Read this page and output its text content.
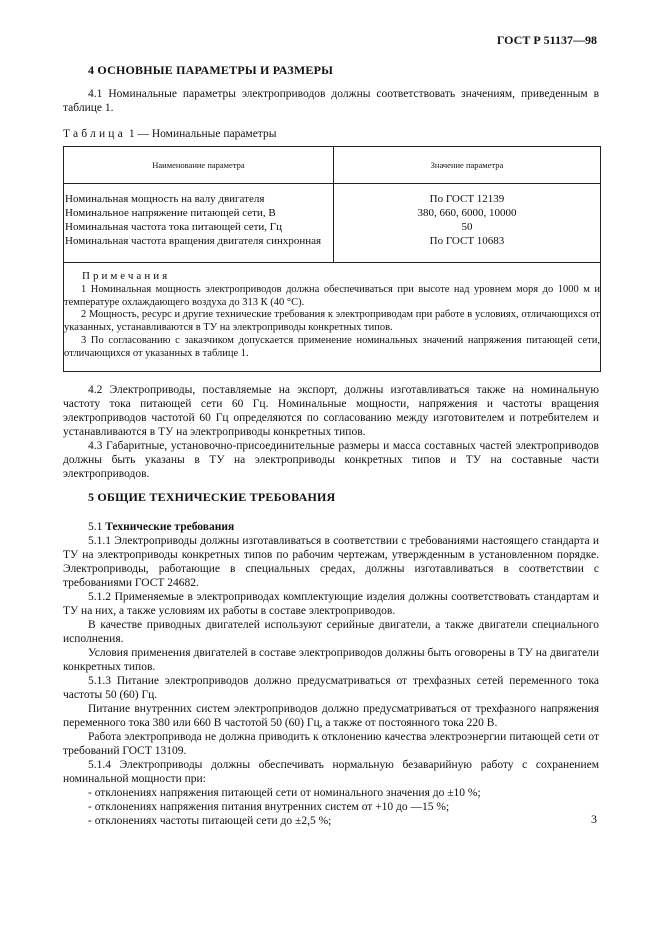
ГОСТ Р 51137—98
4 ОСНОВНЫЕ ПАРАМЕТРЫ И РАЗМЕРЫ

4.1 Номинальные параметры электроприводов должны соответствовать значениям, приведенным в таблице 1.

Таблица 1 — Номинальные параметры
Наименование параметра	Значение параметра
Номинальная мощность на валу двигателя	По ГОСТ 12139
Номинальное напряжение питающей сети, В	380, 660, 6000, 10000
Номинальная частота тока питающей сети, Гц	50
Номинальная частота вращения двигателя синхронная	По ГОСТ 10683
Примечания

1 Номинальная мощность электроприводов должна обеспечиваться при высоте над уровнем моря до 1000 м и температуре охлаждающего воздуха до 313 К (40 °С).

2 Мощность, ресурс и другие технические требования к электроприводам при работе в условиях, отличающихся от указанных, устанавливаются в ТУ на электроприводы конкретных типов.

3 По согласованию с заказчиком допускается применение номинальных значений напряжения питающей сети, отличающихся от указанных в таблице 1.

4.2 Электроприводы, поставляемые на экспорт, должны изготавливаться также на номинальную частоту тока питающей сети 60 Гц. Номинальные мощности, напряжения и частоты вращения электроприводов частотой 60 Гц определяются по согласованию между изготовителем и потребителем и устанавливаются в ТУ на электроприводы конкретных типов.

4.3 Габаритные, установочно-присоединительные размеры и масса составных частей электроприводов должны быть указаны в ТУ на электроприводы конкретных типов и ТУ на составные части электроприводов.

5 ОБЩИЕ ТЕХНИЧЕСКИЕ ТРЕБОВАНИЯ

5.1 Технические требования

5.1.1 Электроприводы должны изготавливаться в соответствии с требованиями настоящего стандарта и ТУ на электроприводы конкретных типов по рабочим чертежам, утвержденным в установленном порядке. Электроприводы, работающие в специальных средах, должны изготавливаться в соответствии с требованиями ГОСТ 24682.

5.1.2 Применяемые в электроприводах комплектующие изделия должны соответствовать стандартам и ТУ на них, а также условиям их работы в составе электроприводов.

В качестве приводных двигателей используют серийные двигатели, а также двигатели специального исполнения.

Условия применения двигателей в составе электроприводов должны быть оговорены в ТУ на двигатели конкретных типов.

5.1.3 Питание электроприводов должно предусматриваться от трехфазных сетей переменного тока частоты 50 (60) Гц.

Питание внутренних систем электроприводов должно предусматриваться от трехфазного напряжения переменного тока 380 или 660 В частотой 50 (60) Гц, а также от постоянного тока 220 В.

Работа электропривода не должна приводить к отклонению качества электроэнергии питающей сети от требований ГОСТ 13109.

5.1.4 Электроприводы должны обеспечивать нормальную безаварийную работу с сохранением номинальной мощности при:

- отклонениях напряжения питающей сети от номинального значения до ±10 %;

- отклонениях напряжения питания внутренних систем от +10 до —15 %;

- отклонениях частоты питающей сети до ±2,5 %;	3
